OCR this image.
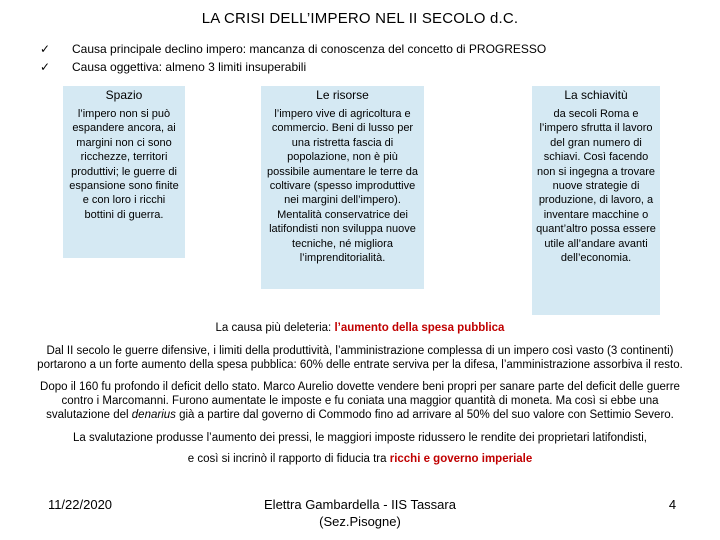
LA CRISI DELL’IMPERO NEL II SECOLO d.C.
✓	Causa principale declino impero: mancanza di conoscenza del concetto di PROGRESSO
✓	Causa oggettiva: almeno 3 limiti insuperabili
Spazio
l’impero non si può espandere ancora, ai margini non ci sono ricchezze, territori produttivi; le guerre di espansione sono finite e con loro i ricchi bottini di guerra.
Le risorse
l’impero vive di agricoltura e commercio. Beni di lusso per una ristretta fascia di popolazione, non è più possibile aumentare le terre da coltivare (spesso improduttive nei margini dell’impero). Mentalità conservatrice dei latifondisti non sviluppa nuove tecniche, né migliora l’imprenditorialità.
La schiavitù
da secoli Roma e l’impero sfrutta il lavoro del gran numero di schiavi. Così facendo non si ingegna a trovare nuove strategie di produzione, di lavoro, a inventare macchine o quant’altro possa essere utile all’andare avanti dell’economia.
La causa più deleteria: l’aumento della spesa pubblica
Dal II secolo le guerre difensive, i limiti della produttività, l’amministrazione complessa di un impero così vasto (3 continenti) portarono a un forte aumento della spesa pubblica: 60% delle entrate serviva per la difesa, l’amministrazione assorbiva il resto.
Dopo il 160 fu profondo il deficit dello stato. Marco Aurelio dovette vendere beni propri per sanare parte del deficit delle guerre contro i Marcomanni. Furono aumentate le imposte e fu coniata una maggior quantità di moneta. Ma così si ebbe una svalutazione del denarius già a partire dal governo di Commodo fino ad arrivare al 50% del suo valore con Settimio Severo.
La svalutazione produsse l’aumento dei pressi, le maggiori imposte ridussero le rendite dei proprietari latifondisti,
e così si incrinò il rapporto di fiducia tra ricchi e governo imperiale
11/22/2020	Elettra Gambardella - IIS Tassara
(Sez.Pisogne)
4
